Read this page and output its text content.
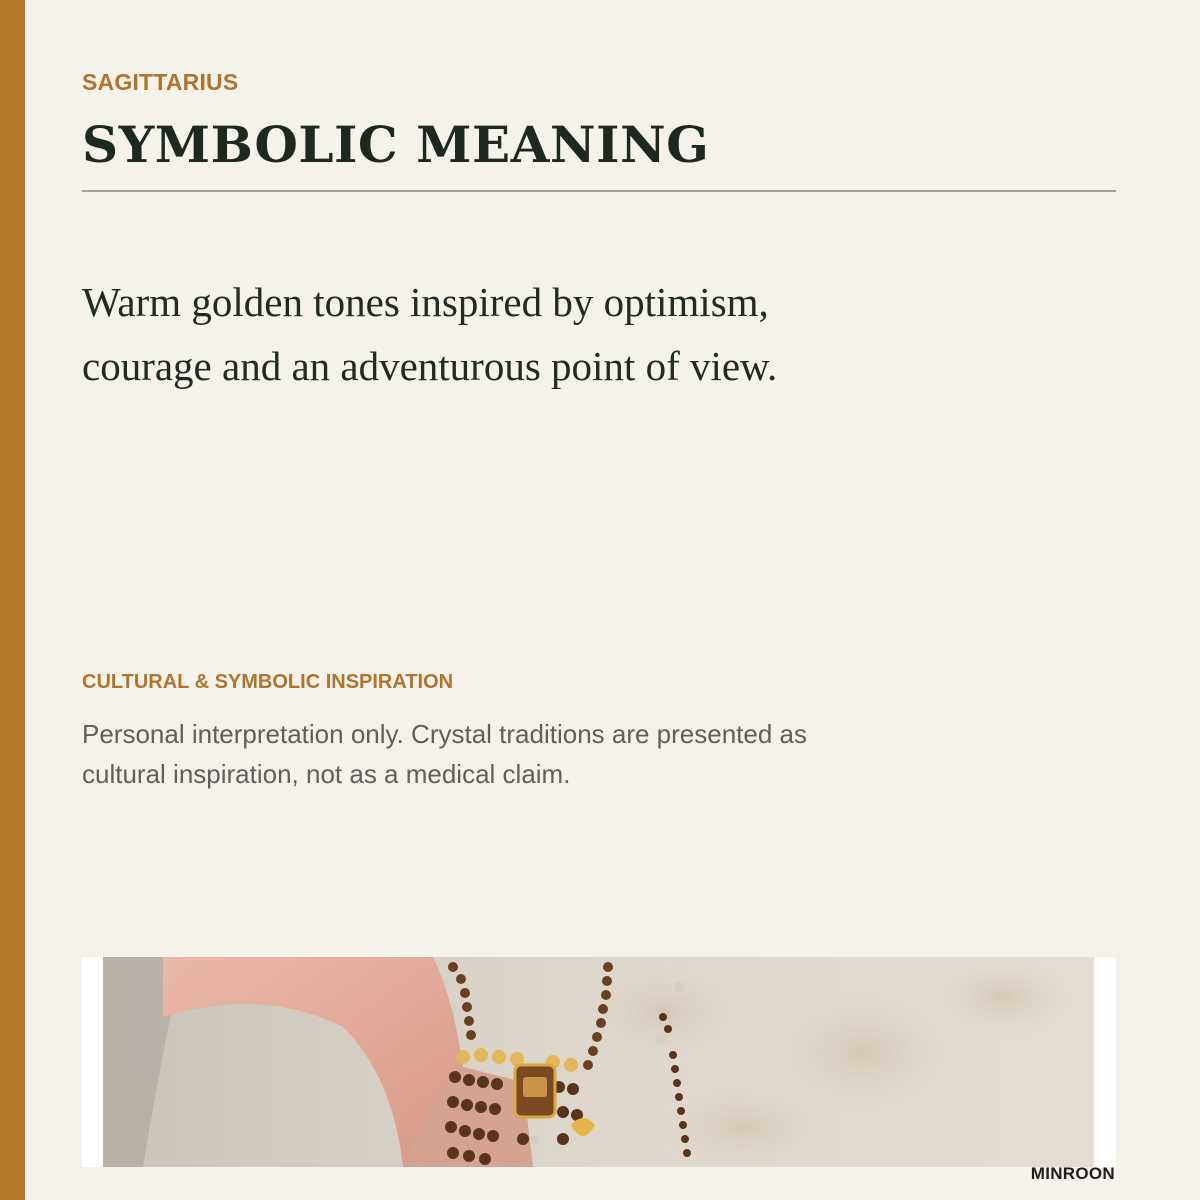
SAGITTARIUS

SYMBOLIC MEANING

Warm golden tones inspired by optimism, courage and an adventurous point of view.

CULTURAL & SYMBOLIC INSPIRATION

Personal interpretation only. Crystal traditions are presented as cultural inspiration, not as a medical claim.

MINROON
